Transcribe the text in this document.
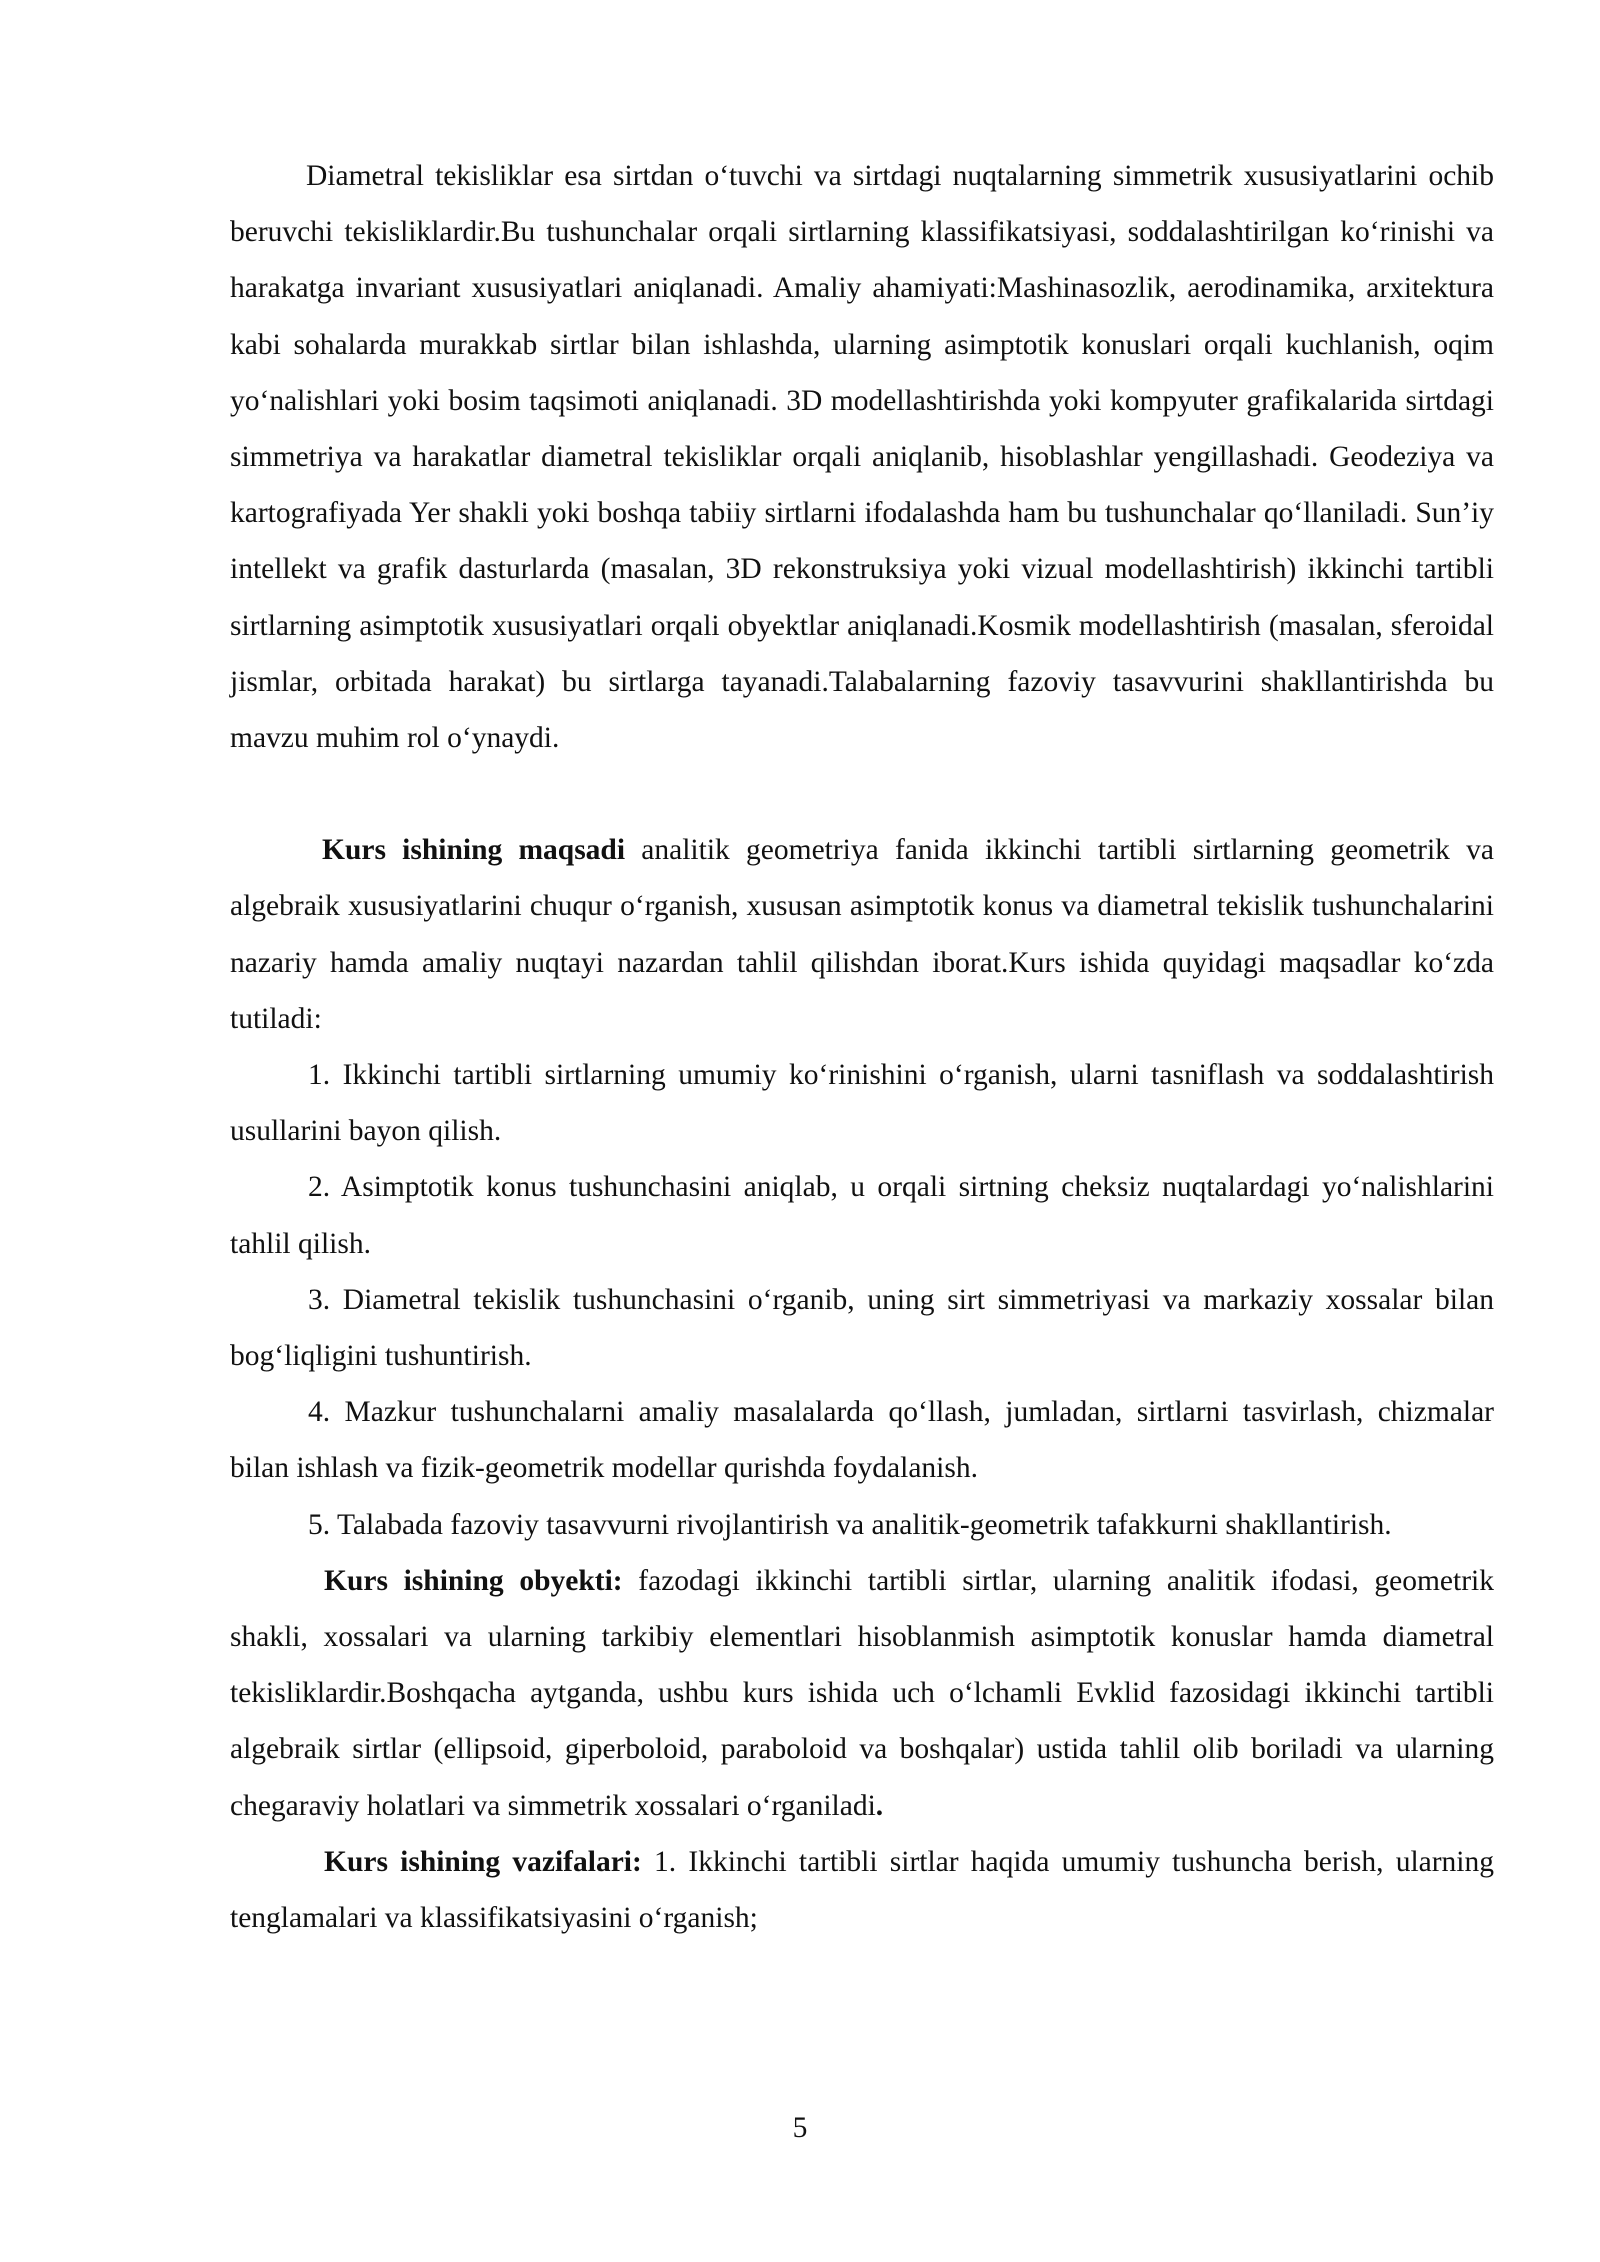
Diametral tekisliklar esa sirtdan o‘tuvchi va sirtdagi nuqtalarning simmetrik xususiyatlarini ochib beruvchi tekisliklardir.Bu tushunchalar orqali sirtlarning klassifikatsiyasi, soddalashtirilgan ko‘rinishi va harakatga invariant xususiyatlari aniqlanadi. Amaliy ahamiyati:Mashinasozlik, aerodinamika, arxitektura kabi sohalarda murakkab sirtlar bilan ishlashda, ularning asimptotik konuslari orqali kuchlanish, oqim yo‘nalishlari yoki bosim taqsimoti aniqlanadi. 3D modellashtirishda yoki kompyuter grafikalarida sirtdagi simmetriya va harakatlar diametral tekisliklar orqali aniqlanib, hisoblashlar yengillashadi. Geodeziya va kartografiyada Yer shakli yoki boshqa tabiiy sirtlarni ifodalashda ham bu tushunchalar qo‘llaniladi. Sun’iy intellekt va grafik dasturlarda (masalan, 3D rekonstruksiya yoki vizual modellashtirish) ikkinchi tartibli sirtlarning asimptotik xususiyatlari orqali obyektlar aniqlanadi.Kosmik modellashtirish (masalan, sferoidal jismlar, orbitada harakat) bu sirtlarga tayanadi.Talabalarning fazoviy tasavvurini shakllantirishda bu mavzu muhim rol o‘ynaydi.

Kurs ishining maqsadi analitik geometriya fanida ikkinchi tartibli sirtlarning geometrik va algebraik xususiyatlarini chuqur o‘rganish, xususan asimptotik konus va diametral tekislik tushunchalarini nazariy hamda amaliy nuqtayi nazardan tahlil qilishdan iborat.Kurs ishida quyidagi maqsadlar ko‘zda tutiladi:

1. Ikkinchi tartibli sirtlarning umumiy ko‘rinishini o‘rganish, ularni tasniflash va soddalashtirish usullarini bayon qilish.

2. Asimptotik konus tushunchasini aniqlab, u orqali sirtning cheksiz nuqtalardagi yo‘nalishlarini tahlil qilish.

3. Diametral tekislik tushunchasini o‘rganib, uning sirt simmetriyasi va markaziy xossalar bilan bog‘liqligini tushuntirish.

4. Mazkur tushunchalarni amaliy masalalarda qo‘llash, jumladan, sirtlarni tasvirlash, chizmalar bilan ishlash va fizik-geometrik modellar qurishda foydalanish.

5. Talabada fazoviy tasavvurni rivojlantirish va analitik-geometrik tafakkurni shakllantirish.

Kurs ishining obyekti: fazodagi ikkinchi tartibli sirtlar, ularning analitik ifodasi, geometrik shakli, xossalari va ularning tarkibiy elementlari hisoblanmish asimptotik konuslar hamda diametral tekisliklardir.Boshqacha aytganda, ushbu kurs ishida uch o‘lchamli Evklid fazosidagi ikkinchi tartibli algebraik sirtlar (ellipsoid, giperboloid, paraboloid va boshqalar) ustida tahlil olib boriladi va ularning chegaraviy holatlari va simmetrik xossalari o‘rganiladi.

Kurs ishining vazifalari: 1. Ikkinchi tartibli sirtlar haqida umumiy tushuncha berish, ularning tenglamalari va klassifikatsiyasini o‘rganish;

5
